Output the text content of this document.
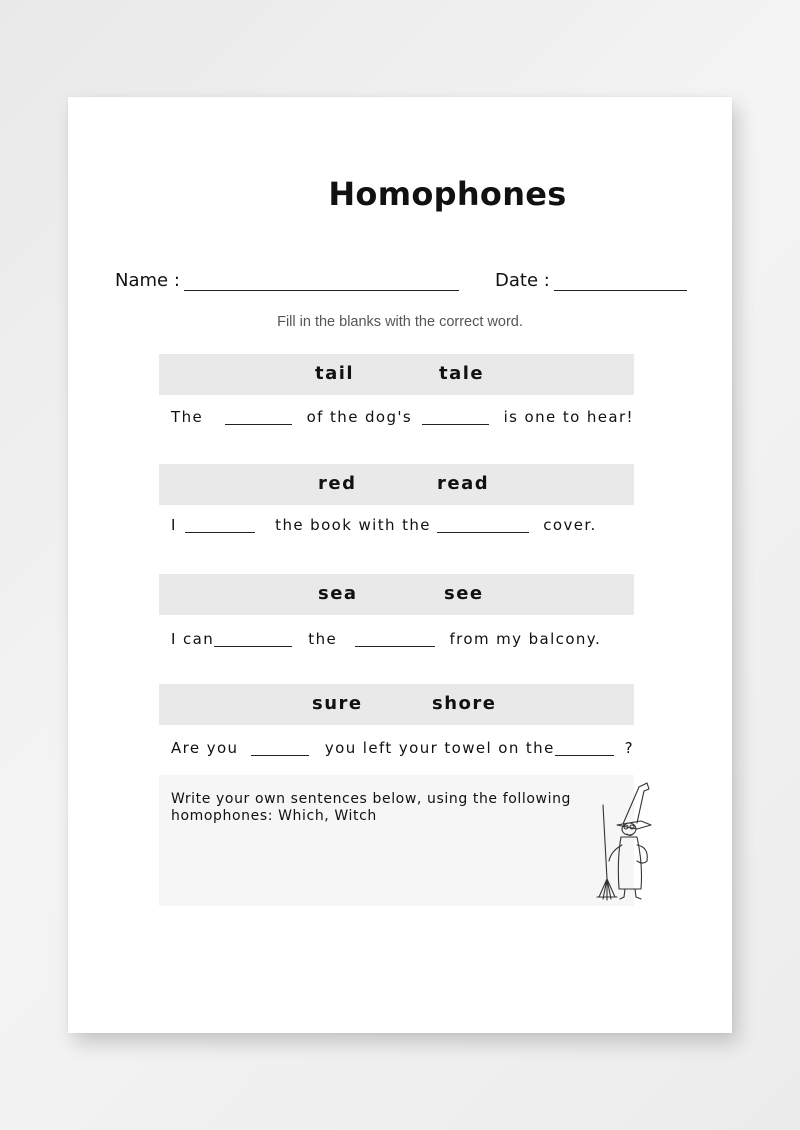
Homophones
Name :	Date :
Fill in the blanks with the correct word.
tail	tale
The	of the dog's	is one to hear!
red	read
I	the book with the	cover.
sea	see
I can	the	from my balcony.
sure	shore
Are you	you left your towel on the	?
Write your own sentences below, using the following
homophones: Which, Witch
